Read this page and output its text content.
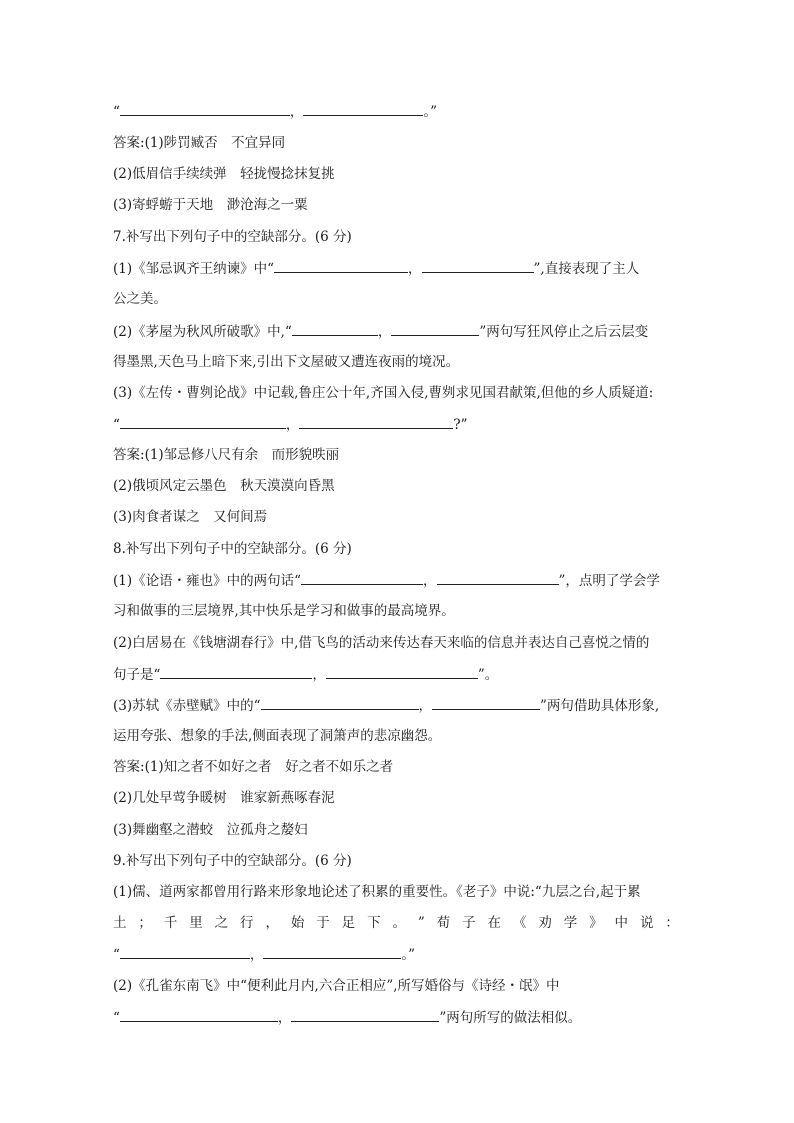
“	，	。”
答案:(1)陟罚臧否　不宜异同
(2)低眉信手续续弹　轻拢慢捻抹复挑
(3)寄蜉蝣于天地　渺沧海之一粟
7.补写出下列句子中的空缺部分。(6 分)
(1)《邹忌讽齐王纳谏》中“	，	”,直接表现了主人
公之美。
(2)《茅屋为秋风所破歌》中,“	，	”两句写狂风停止之后云层变
得墨黑,天色马上暗下来,引出下文屋破又遭连夜雨的境况。
(3)《左传・曹刿论战》中记载,鲁庄公十年,齐国入侵,曹刿求见国君献策,但他的乡人质疑道:
“	，	?”
答案:(1)邹忌修八尺有余　而形貌昳丽
(2)俄顷风定云墨色　秋天漠漠向昏黑
(3)肉食者谋之　又何间焉
8.补写出下列句子中的空缺部分。(6 分)
(1)《论语・雍也》中的两句话“	，	”，点明了学会学
习和做事的三层境界,其中快乐是学习和做事的最高境界。
(2)白居易在《钱塘湖春行》中,借飞鸟的活动来传达春天来临的信息并表达自己喜悦之情的
句子是“	，	”。
(3)苏轼《赤壁赋》中的“	，	”两句借助具体形象,
运用夸张、想象的手法,侧面表现了洞箫声的悲凉幽怨。
答案:(1)知之者不如好之者　好之者不如乐之者
(2)几处早莺争暖树　谁家新燕啄春泥
(3)舞幽壑之潜蛟　泣孤舟之嫠妇
9.补写出下列句子中的空缺部分。(6 分)
(1)儒、道两家都曾用行路来形象地论述了积累的重要性。《老子》中说:“九层之台,起于累
土 ； 千 里 之 行 ， 始 于 足 下 。 ” 荀 子 在 《 劝 学 》 中 说 ：
“	，	。”
(2)《孔雀东南飞》中“便利此月内,六合正相应”,所写婚俗与《诗经・氓》中
“	，	”两句所写的做法相似。
